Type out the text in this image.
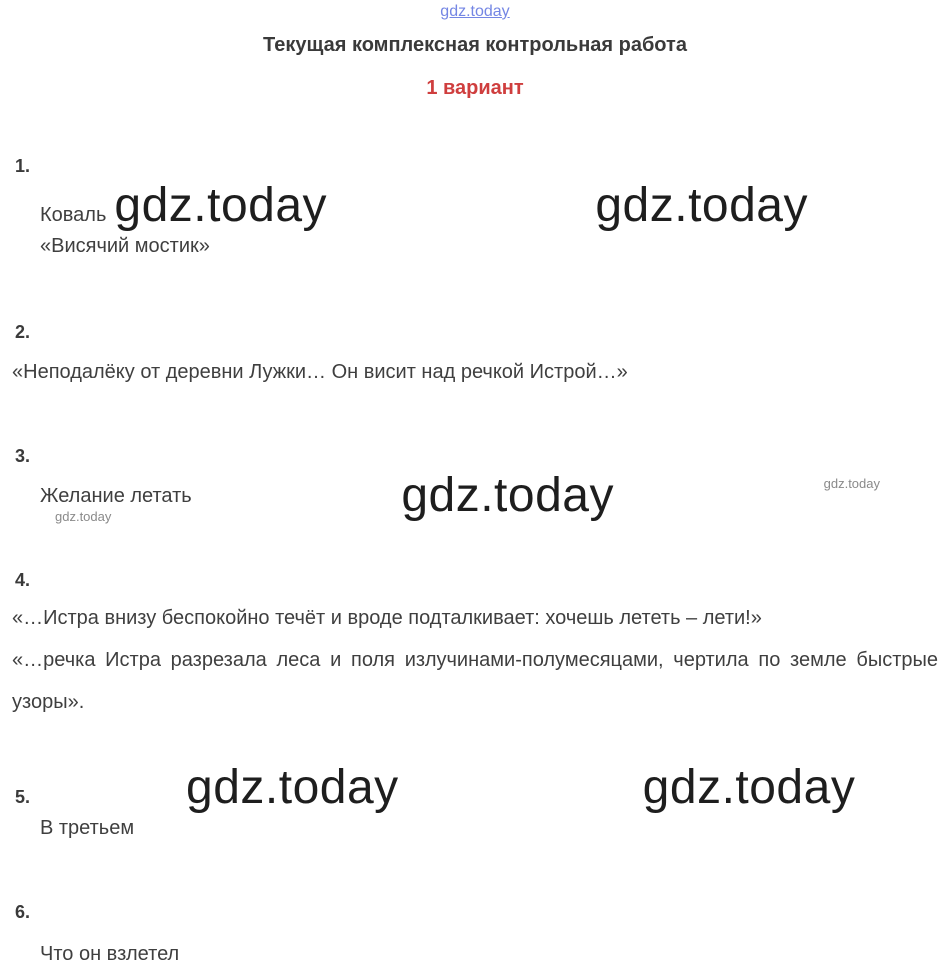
gdz.today
Текущая комплексная контрольная работа
1 вариант
1.
Коваль gdz.today	gdz.today
«Висячий мостик»
2.
«Неподалёку от деревни Лужки… Он висит над речкой Истрой…»
3.
Желание летать
gdz.today	gdz.today	gdz.today
4.

«…Истра внизу беспокойно течёт и вроде подталкивает: хочешь лететь – лети!»

«…речка Истра разрезала леса и поля излучинами-полумесяцами, чертила по земле быстрые узоры».

5.	gdz.today	gdz.today
В третьем
6.
Что он взлетел
